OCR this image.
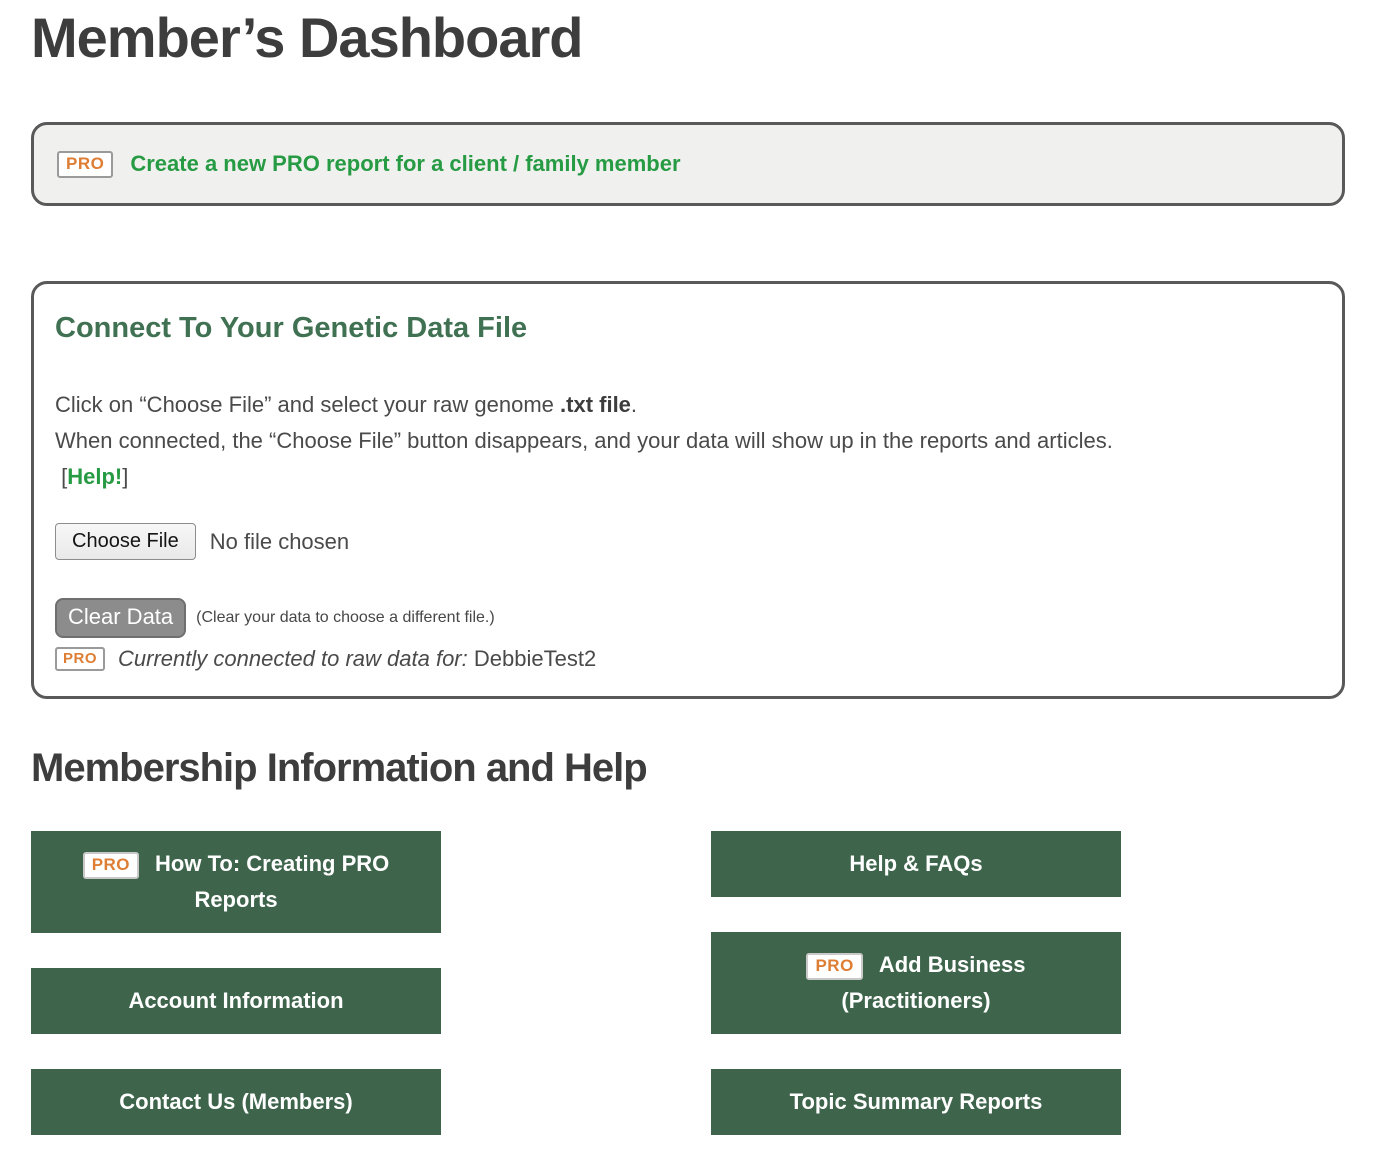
Member’s Dashboard
PRO	Create a new PRO report for a client / family member
Connect To Your Genetic Data File
Click on “Choose File” and select your raw genome .txt file.
When connected, the “Choose File” button disappears, and your data will show up in the reports and articles.
[Help!]
Choose File	No file chosen
Clear Data	(Clear your data to choose a different file.)
PRO Currently connected to raw data for: DebbieTest2
Membership Information and Help
PRO How To: Creating PRO Reports
Account Information
Contact Us (Members)
Help & FAQs
PRO Add Business (Practitioners)
Topic Summary Reports
